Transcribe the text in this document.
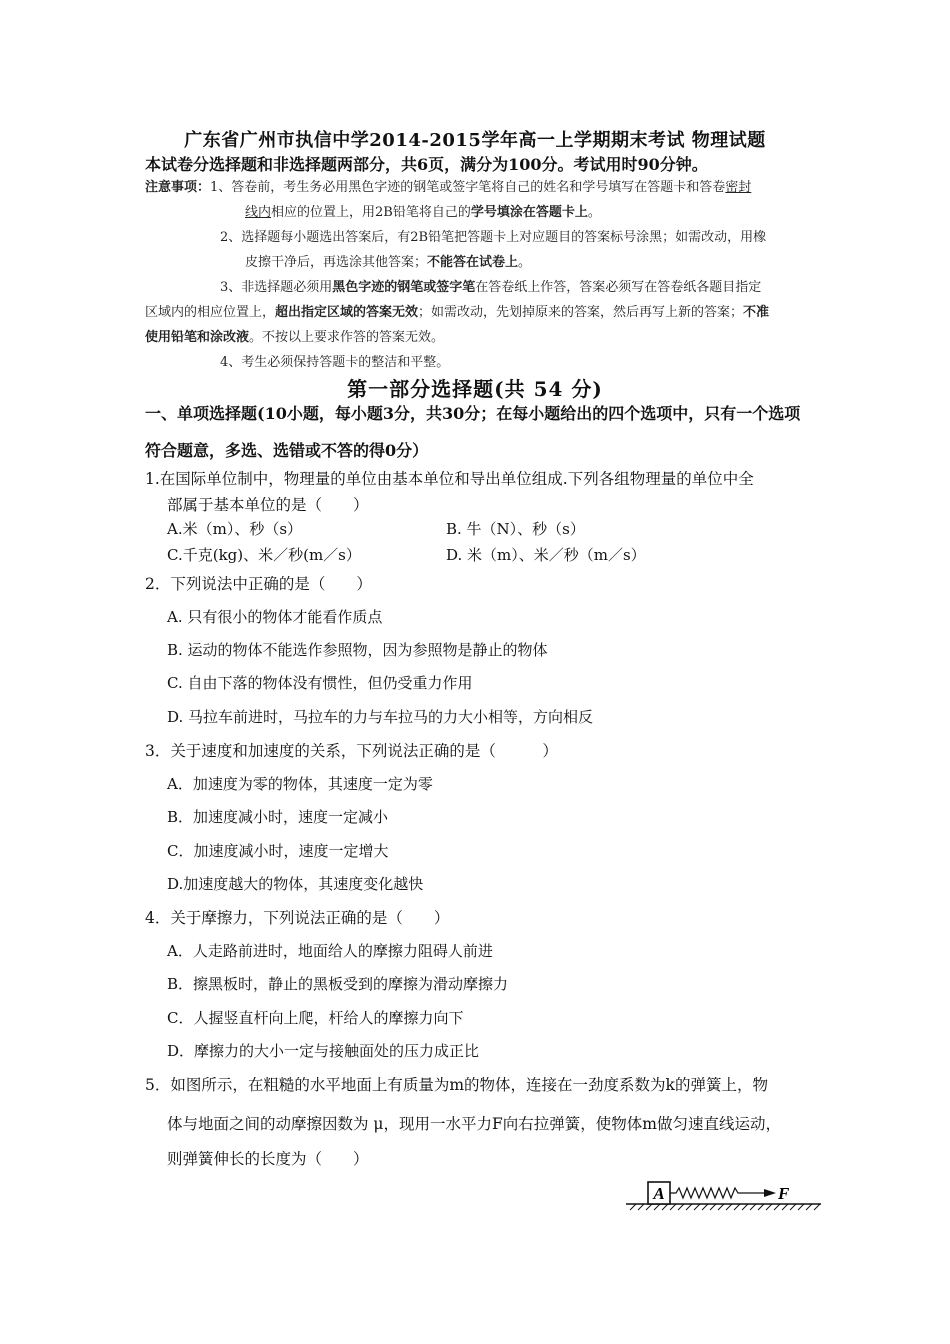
广东省广州市执信中学2014-2015学年高一上学期期末考试 物理试题
本试卷分选择题和非选择题两部分，共6页，满分为100分。考试用时90分钟。
注意事项：1、答卷前，考生务必用黑色字迹的钢笔或签字笔将自己的姓名和学号填写在答题卡和答卷密封
线内相应的位置上，用2B铅笔将自己的学号填涂在答题卡上。
2、选择题每小题选出答案后，有2B铅笔把答题卡上对应题目的答案标号涂黑；如需改动，用橡
皮擦干净后，再选涂其他答案；不能答在试卷上。
3、非选择题必须用黑色字迹的钢笔或签字笔在答卷纸上作答，答案必须写在答卷纸各题目指定
区域内的相应位置上，超出指定区域的答案无效；如需改动，先划掉原来的答案，然后再写上新的答案；不准
使用铅笔和涂改液。不按以上要求作答的答案无效。
4、考生必须保持答题卡的整洁和平整。
第一部分选择题(共 54 分)
一、单项选择题(10小题，每小题3分，共30分；在每小题给出的四个选项中，只有一个选项
符合题意，多选、选错或不答的得0分）
1.在国际单位制中，物理量的单位由基本单位和导出单位组成.下列各组物理量的单位中全
部属于基本单位的是（　　）
A.米（m）、秒（s）	B. 牛（N）、秒（s）
C.千克(kg)、米／秒(m／s）	D. 米（m）、米／秒（m／s）
2．下列说法中正确的是（　　）
A. 只有很小的物体才能看作质点
B. 运动的物体不能选作参照物，因为参照物是静止的物体
C. 自由下落的物体没有惯性，但仍受重力作用
D. 马拉车前进时，马拉车的力与车拉马的力大小相等，方向相反
3．关于速度和加速度的关系，下列说法正确的是（　　　）
A．加速度为零的物体，其速度一定为零
B．加速度减小时，速度一定减小
C．加速度减小时，速度一定增大
D.加速度越大的物体，其速度变化越快
4．关于摩擦力，下列说法正确的是（　　）
A．人走路前进时，地面给人的摩擦力阻碍人前进
B．擦黑板时，静止的黑板受到的摩擦为滑动摩擦力
C．人握竖直杆向上爬，杆给人的摩擦力向下
D．摩擦力的大小一定与接触面处的压力成正比
5．如图所示，在粗糙的水平地面上有质量为m的物体，连接在一劲度系数为k的弹簧上，物
体与地面之间的动摩擦因数为 μ，现用一水平力F向右拉弹簧，使物体m做匀速直线运动，
则弹簧伸长的长度为（　　）
A	F
